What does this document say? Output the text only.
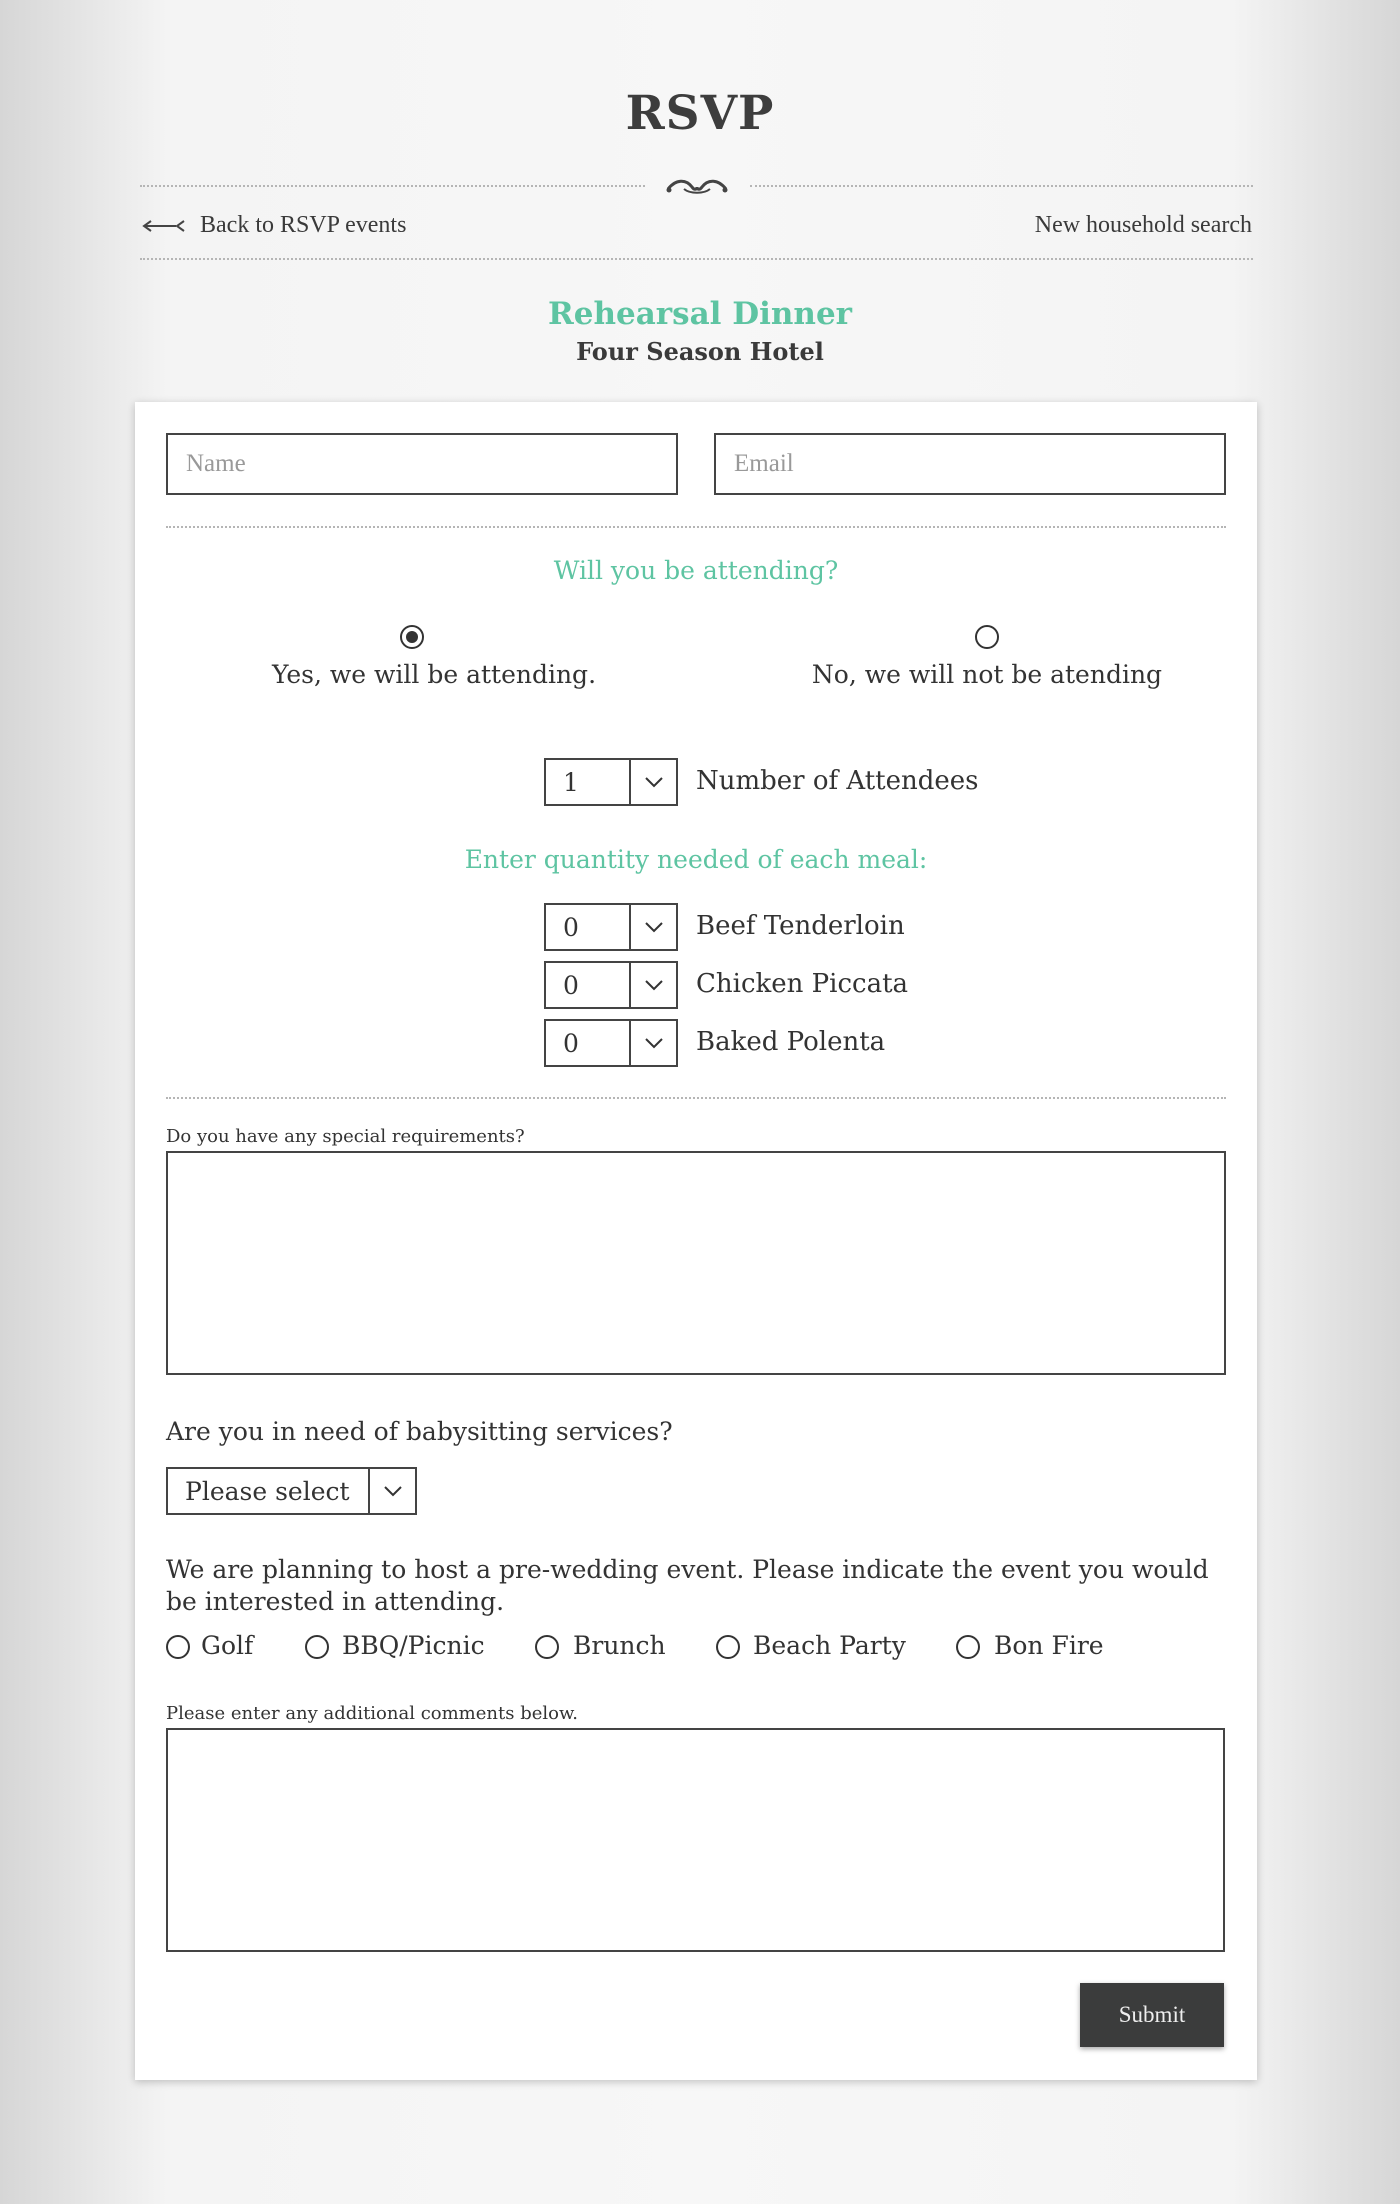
RSVP
Back to RSVP events	New household search
Rehearsal Dinner
Four Season Hotel
Name	Email
Will you be attending?
Yes, we will be attending.	No, we will not be atending
1	Number of Attendees
Enter quantity needed of each meal:
0	Beef Tenderloin
0	Chicken Piccata
0	Baked Polenta
Do you have any special requirements?
Are you in need of babysitting services?
Please select
We are planning to host a pre-wedding event. Please indicate the event you would be interested in attending.
Golf	BBQ/Picnic	Brunch	Beach Party	Bon Fire
Please enter any additional comments below.
Submit
